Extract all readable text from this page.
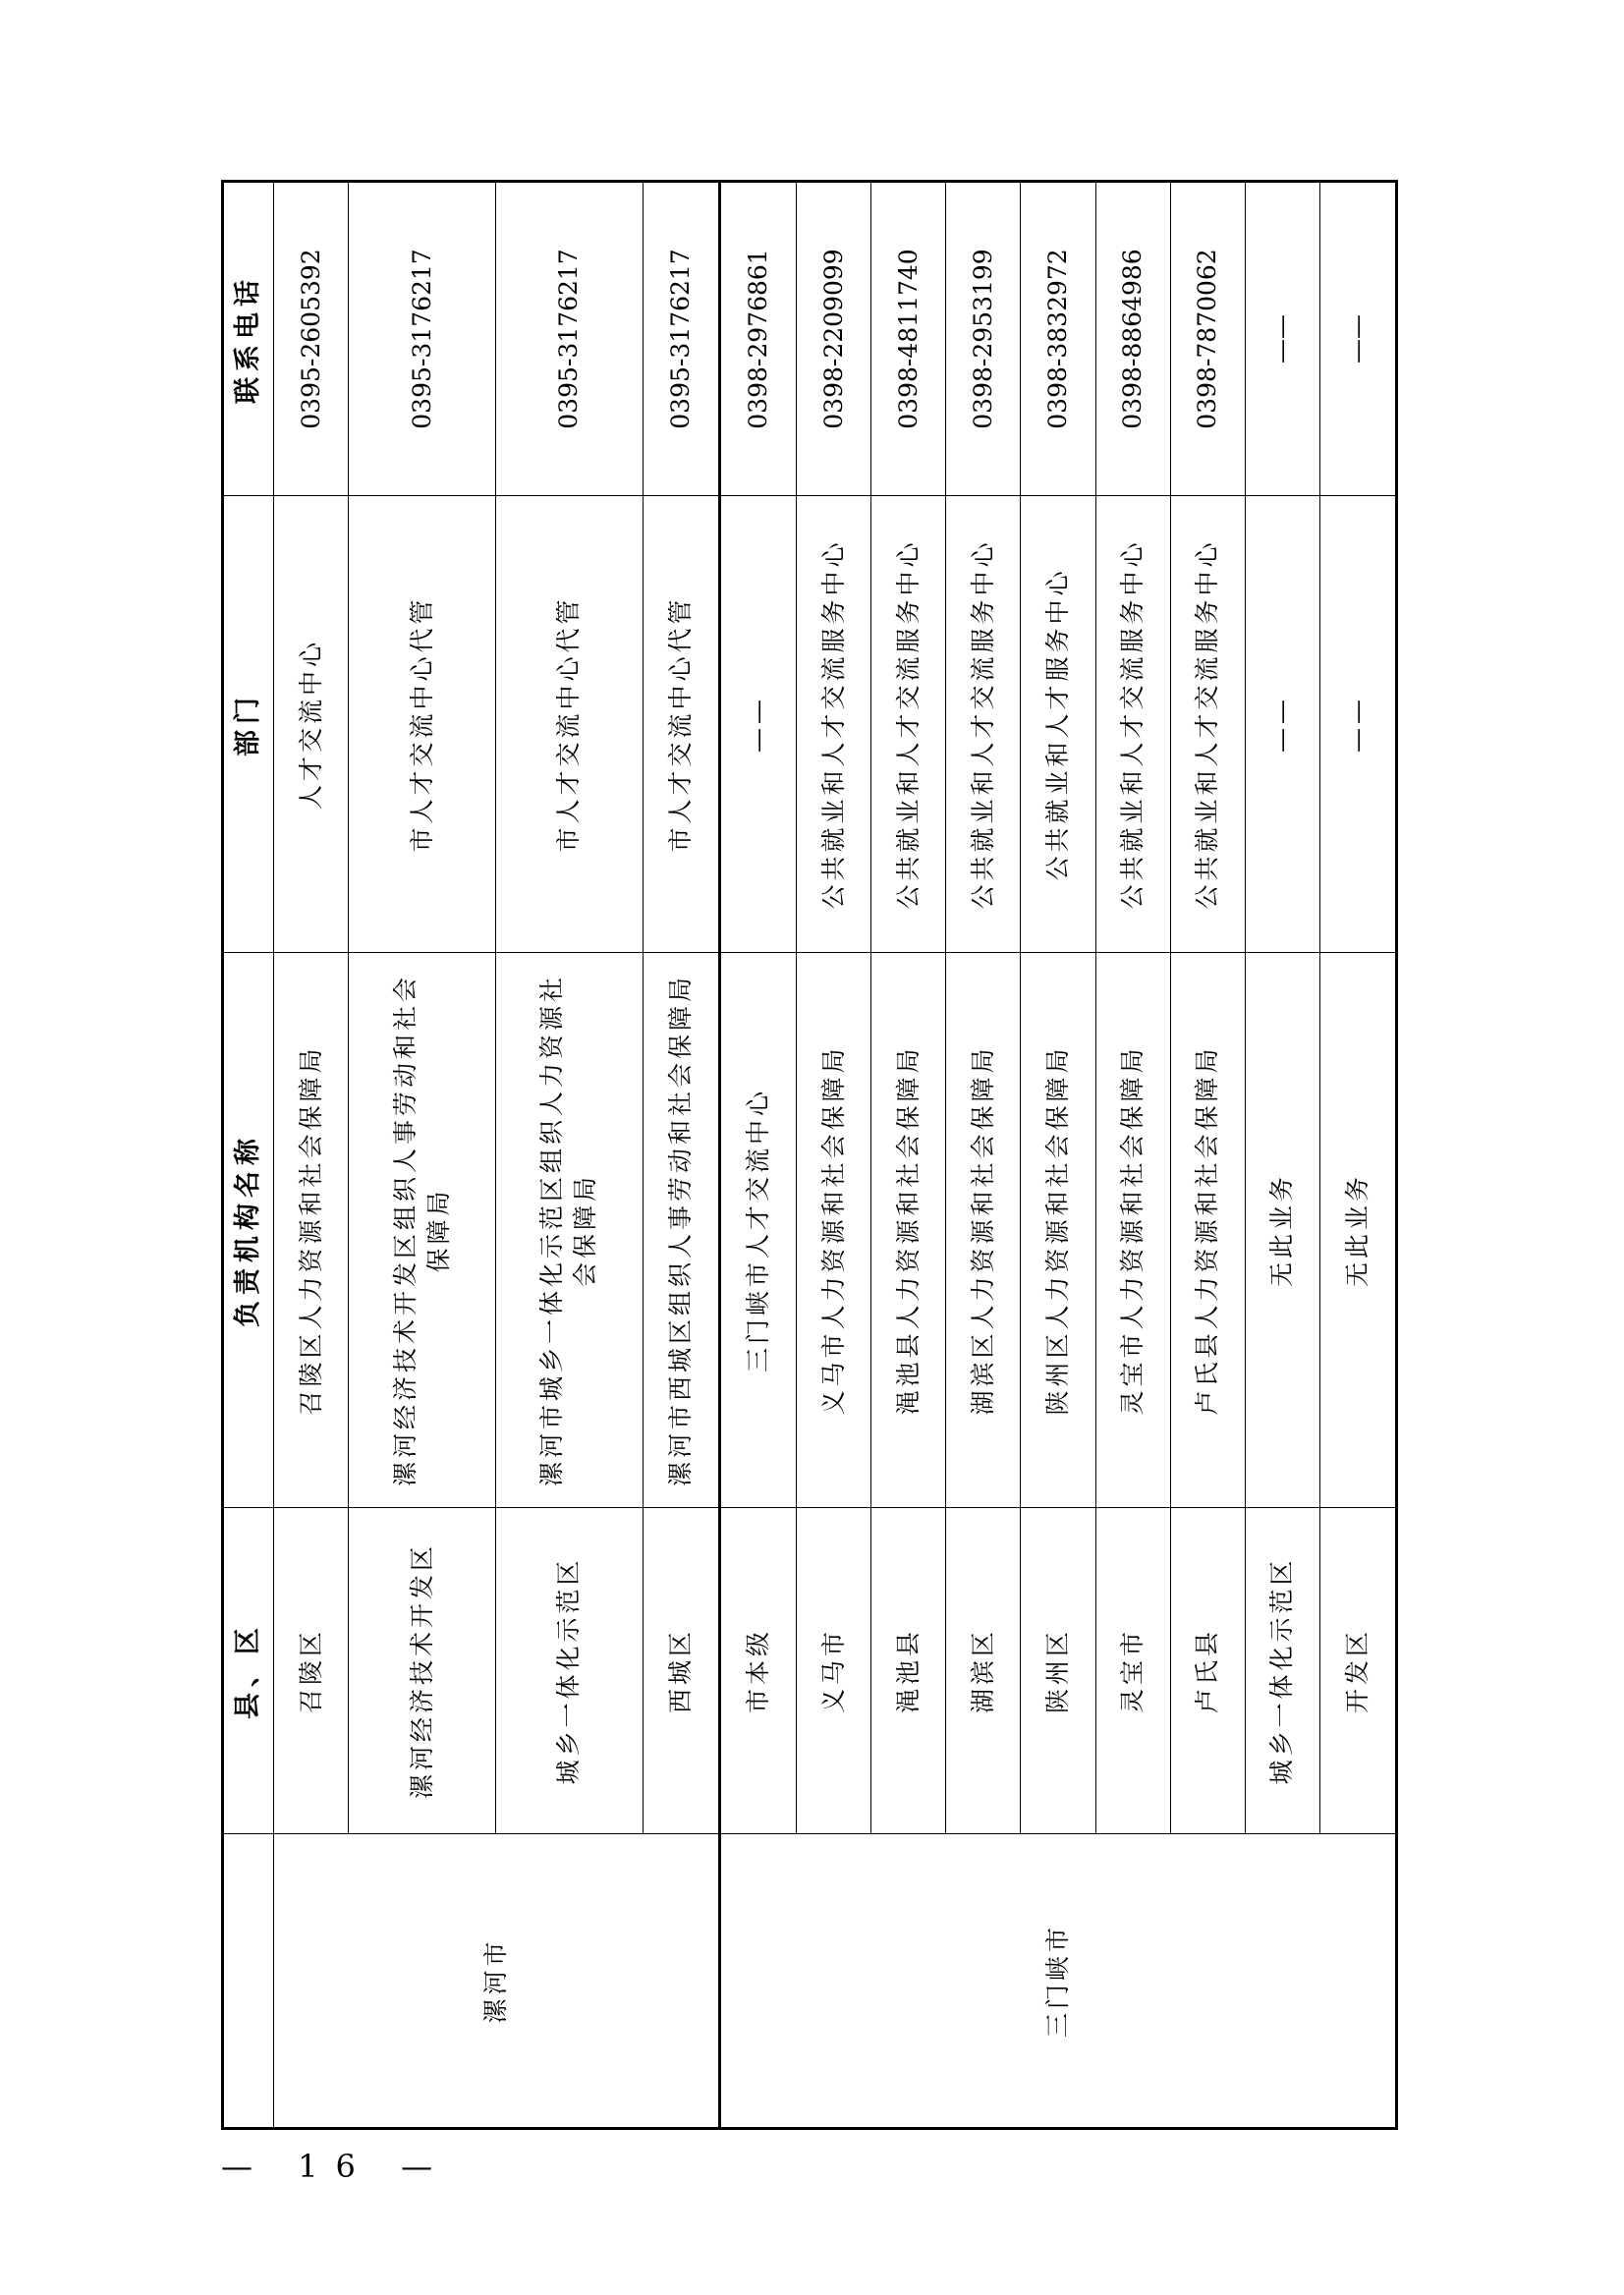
	县、区	负责机构名称	部门	联系电话
漯河市	召陵区	召陵区人力资源和社会保障局	人才交流中心	0395-2605392
	漯河经济技术开发区	漯河经济技术开发区组织人事劳动和社会保障局	市人才交流中心代管	0395-3176217
	城乡一体化示范区	漯河市城乡一体化示范区组织人力资源社会保障局	市人才交流中心代管	0395-3176217
	西城区	漯河市西城区组织人事劳动和社会保障局	市人才交流中心代管	0395-3176217
三门峡市	市本级	三门峡市人才交流中心	——	0398-2976861
	义马市	义马市人力资源和社会保障局	公共就业和人才交流服务中心	0398-2209099
	渑池县	渑池县人力资源和社会保障局	公共就业和人才交流服务中心	0398-4811740
	湖滨区	湖滨区人力资源和社会保障局	公共就业和人才交流服务中心	0398-2953199
	陕州区	陕州区人力资源和社会保障局	公共就业和人才服务中心	0398-3832972
	灵宝市	灵宝市人力资源和社会保障局	公共就业和人才交流服务中心	0398-8864986
	卢氏县	卢氏县人力资源和社会保障局	公共就业和人才交流服务中心	0398-7870062
	城乡一体化示范区	无此业务	——	——
	开发区	无此业务	——	——
— 16 —
